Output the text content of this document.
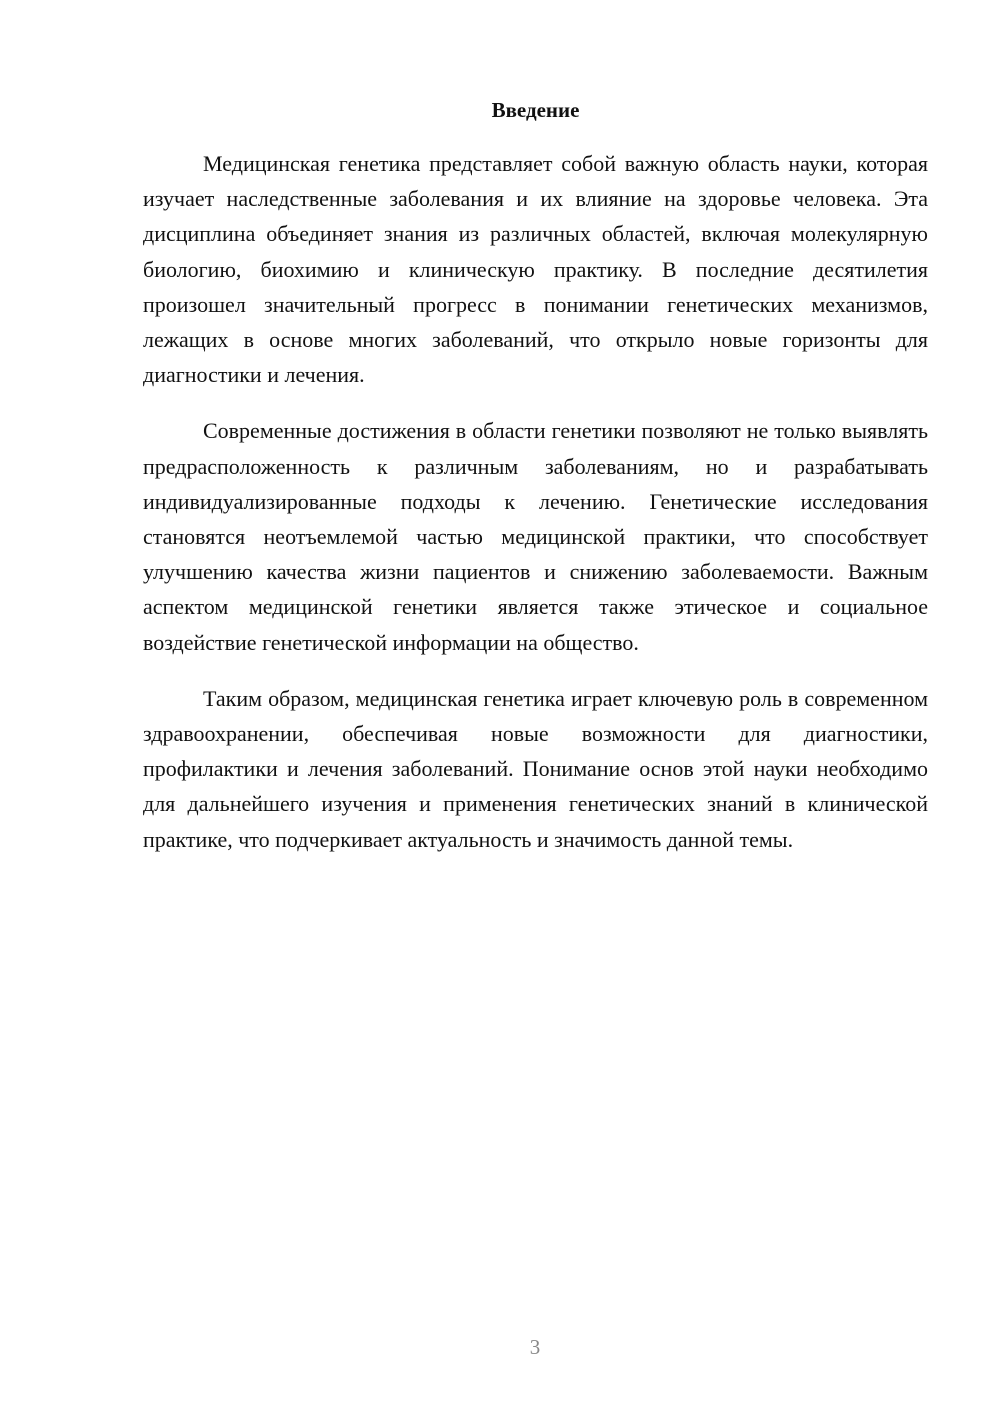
Введение

Медицинская генетика представляет собой важную область науки, которая изучает наследственные заболевания и их влияние на здоровье человека. Эта дисциплина объединяет знания из различных областей, включая молекулярную биологию, биохимию и клиническую практику. В последние десятилетия произошел значительный прогресс в понимании генетических механизмов, лежащих в основе многих заболеваний, что открыло новые горизонты для диагностики и лечения.

Современные достижения в области генетики позволяют не только выявлять предрасположенность к различным заболеваниям, но и разрабатывать индивидуализированные подходы к лечению. Генетические исследования становятся неотъемлемой частью медицинской практики, что способствует улучшению качества жизни пациентов и снижению заболеваемости. Важным аспектом медицинской генетики является также этическое и социальное воздействие генетической информации на общество.

Таким образом, медицинская генетика играет ключевую роль в современном здравоохранении, обеспечивая новые возможности для диагностики, профилактики и лечения заболеваний. Понимание основ этой науки необходимо для дальнейшего изучения и применения генетических знаний в клинической практике, что подчеркивает актуальность и значимость данной темы.

3
